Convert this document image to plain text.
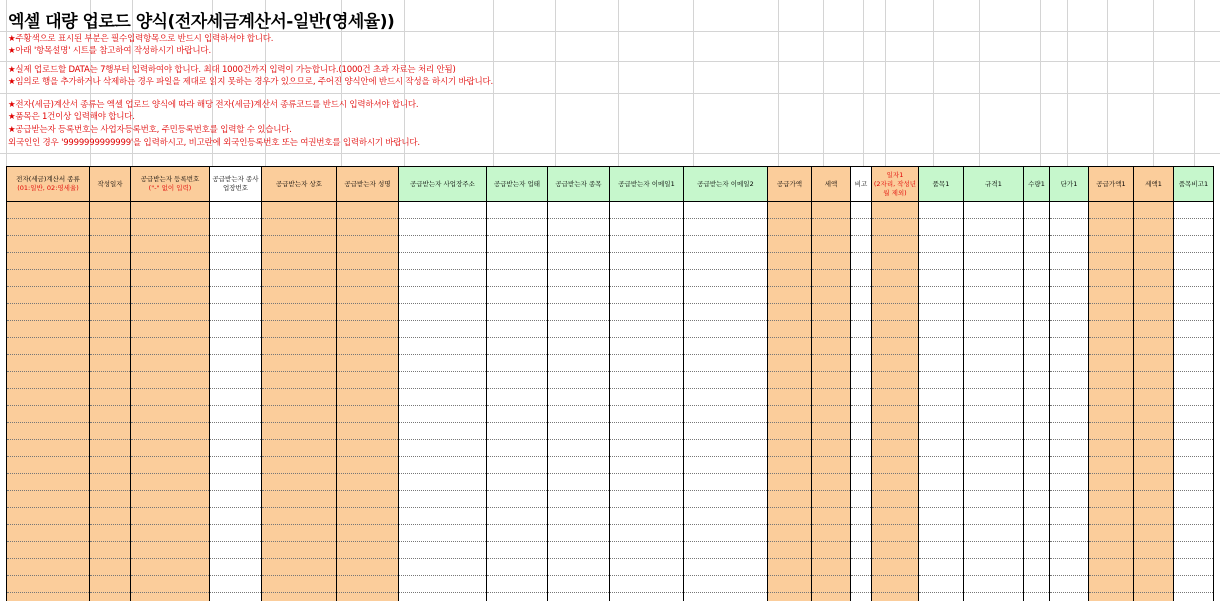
엑셀 대량 업로드 양식(전자세금계산서-일반(영세율))
★주황색으로 표시된 부분은 필수입력항목으로 반드시 입력하셔야 합니다.
★아래 '항목설명' 시트를 참고하여 작성하시기 바랍니다.
★실제 업로드할 DATA는 7행부터 입력하여야 합니다. 최대 1000건까지 입력이 가능합니다.(1000건 초과 자료는 처리 안됨)
★임의로 행을 추가하거나 삭제하는 경우 파일을 제대로 읽지 못하는 경우가 있으므로, 주어진 양식안에 반드시 작성을 하시기 바랍니다.
★전자(세금)계산서 종류는 엑셀 업로드 양식에 따라 해당 전자(세금)계산서 종류코드를 반드시 입력하셔야 합니다.
★품목은 1건이상 입력해야 합니다.
★공급받는자 등록번호는 사업자등록번호, 주민등록번호를 입력할 수 있습니다.
외국인인 경우 '9999999999999'을 입력하시고, 비고란에 외국인등록번호 또는 여권번호를 입력하시기 바랍니다.
전자(세금)계산서 종류
(01:일반, 02:영세율)	작성일자	공급받는자 등록번호
("-" 없이 입력)	공급받는자 종사업장번호	공급받는자 상호	공급받는자 성명	공급받는자 사업장주소	공급받는자 업태	공급받는자 종목	공급받는자 이메일1	공급받는자 이메일2	공급가액	세액	비고	일자1
(2자리, 작성년월 제외)	품목1	규격1	수량1	단가1	공급가액1	세액1	품목비고1
